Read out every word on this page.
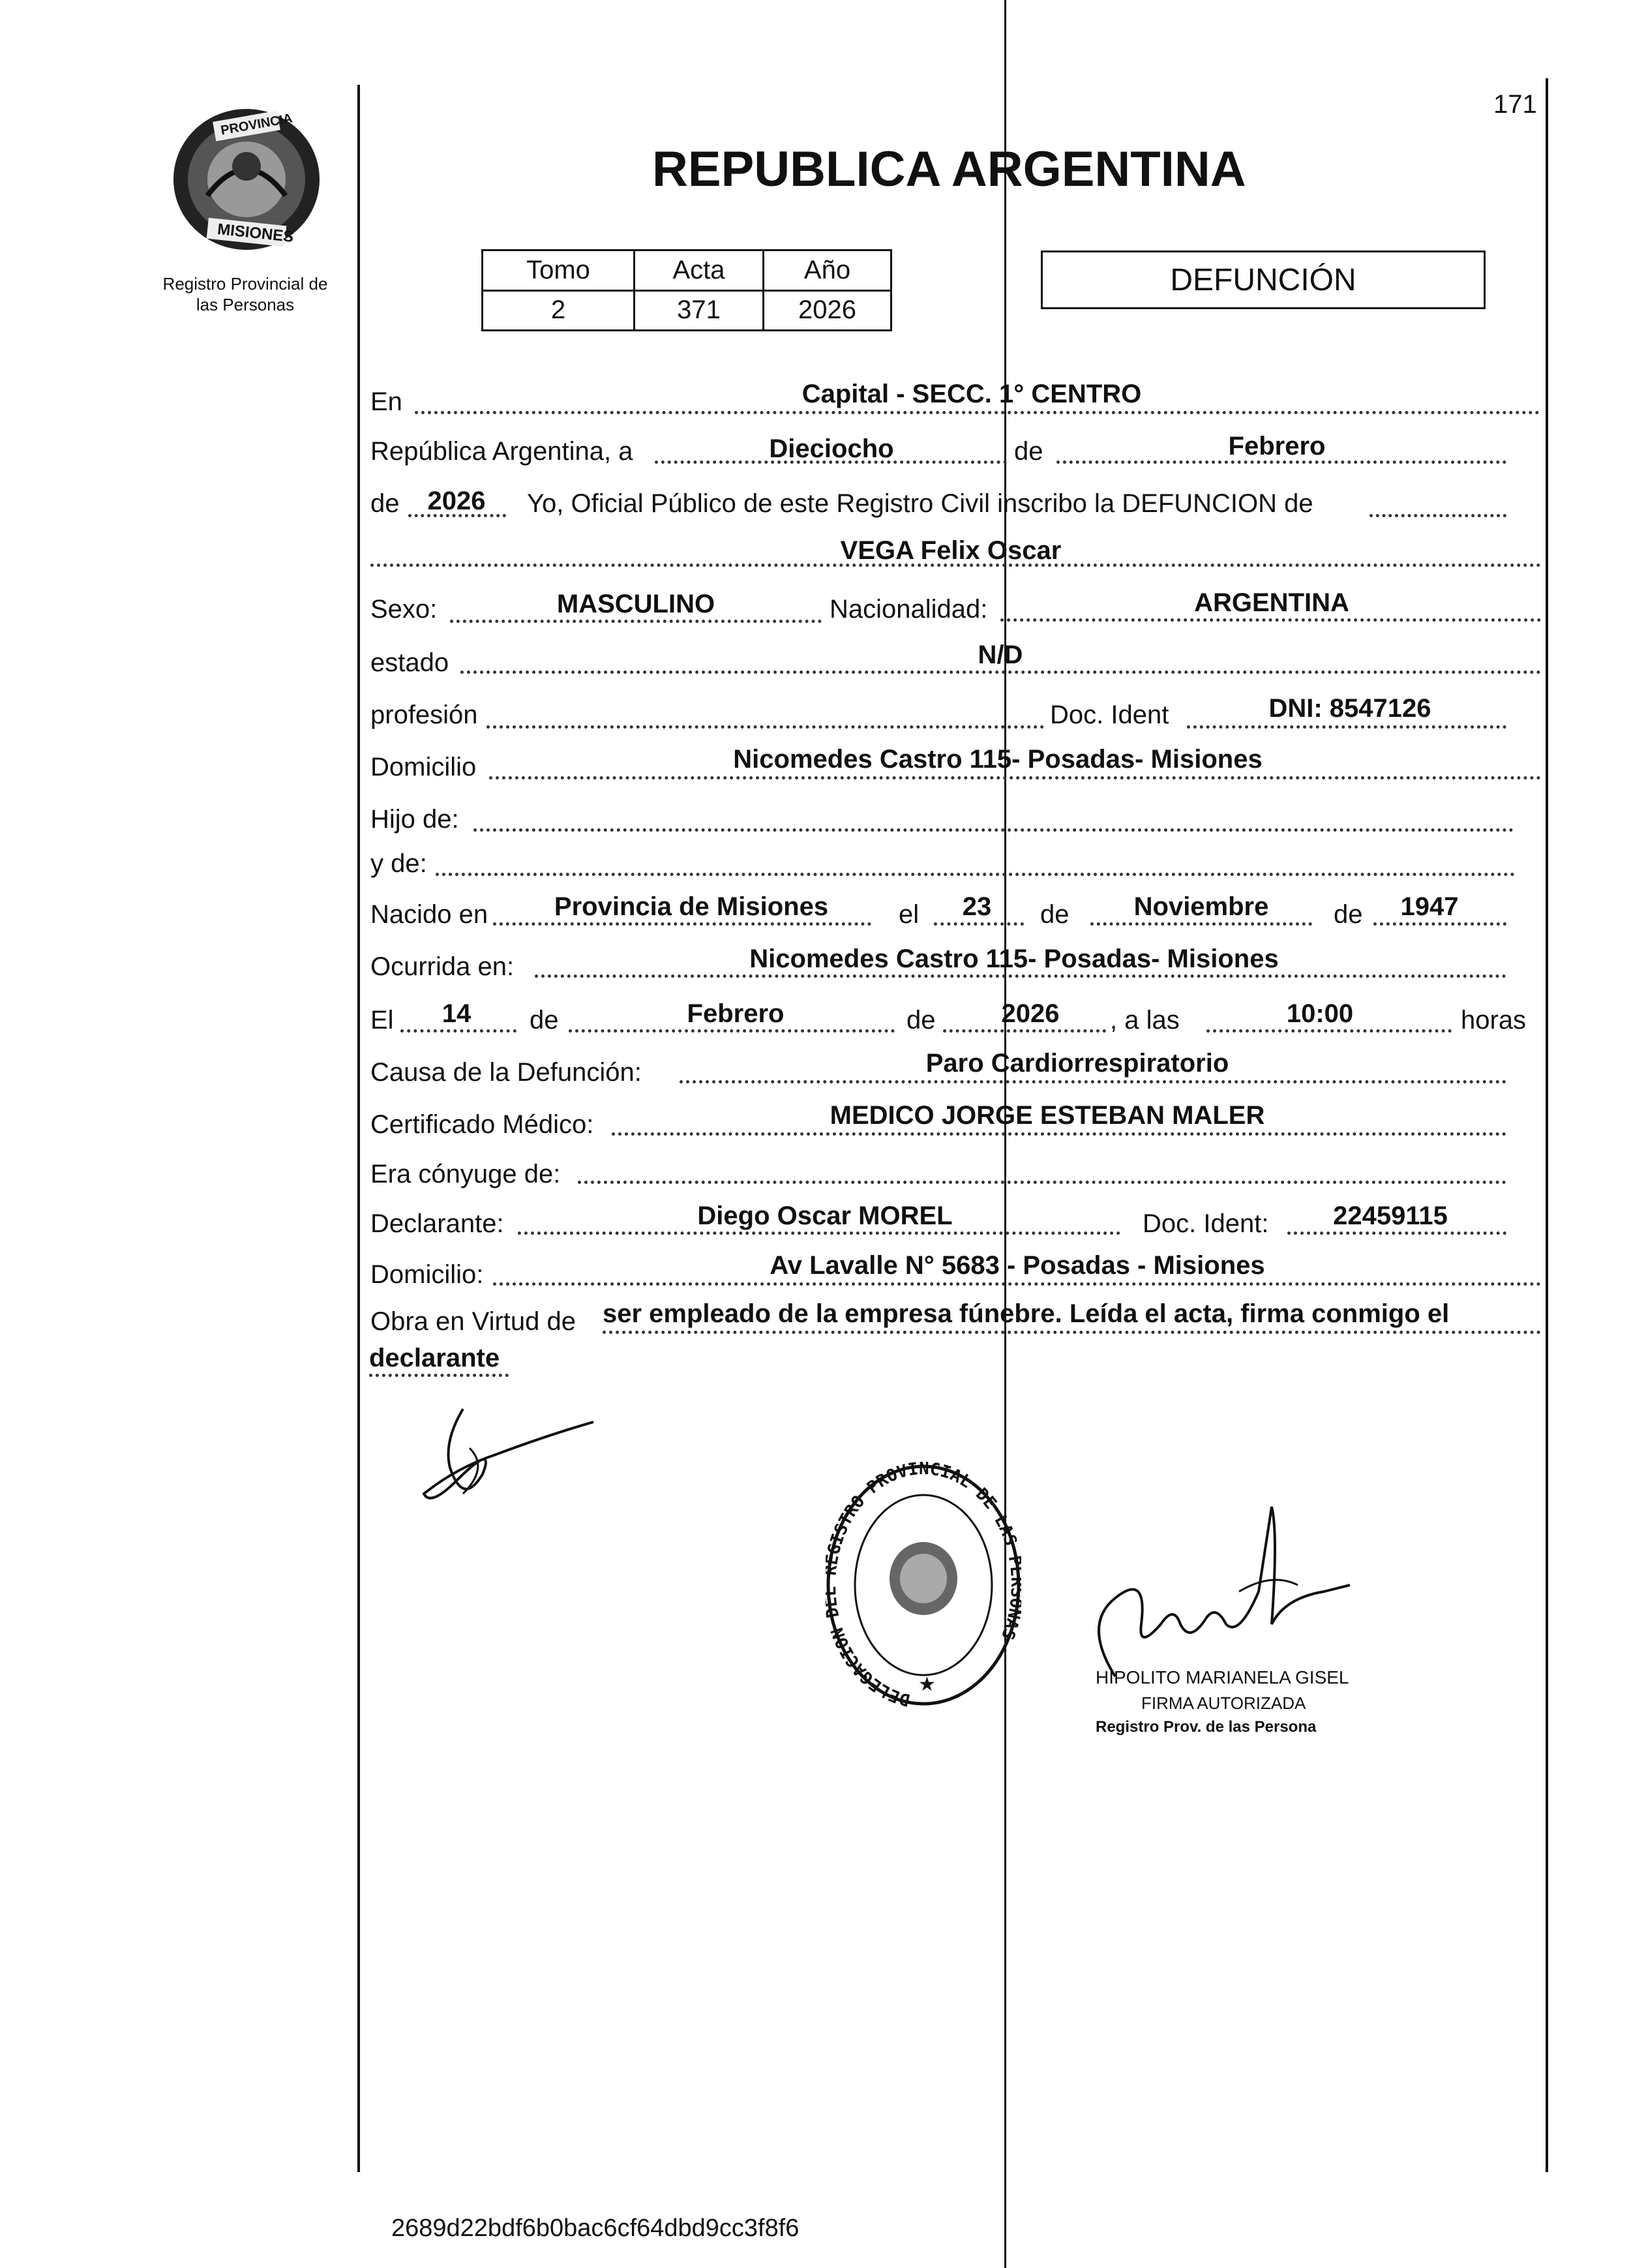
PROVINCIA
MISIONES
Registro Provincial de
las Personas
171
REPUBLICA ARGENTINA
Tomo	Acta	Año
2	371	2026
DEFUNCIÓN
En	Capital - SECC. 1° CENTRO
República Argentina, a	Dieciocho	de	Febrero
de 2026 Yo, Oficial Público de este Registro Civil inscribo la DEFUNCION de
VEGA Felix Oscar
Sexo:	MASCULINO	Nacionalidad:	ARGENTINA
estado	N/D
profesión	Doc. Ident	DNI: 8547126
Domicilio	Nicomedes Castro 115- Posadas- Misiones
Hijo de:
y de:
Nacido en	Provincia de Misiones	el 23 de Noviembre de 1947
Ocurrida en:	Nicomedes Castro 115- Posadas- Misiones
El 14 de	Febrero	de	2026 , a las	10:00	horas
Causa de la Defunción:	Paro Cardiorrespiratorio
Certificado Médico:	MEDICO JORGE ESTEBAN MALER
Era cónyuge de:
Declarante:	Diego Oscar MOREL	Doc. Ident: 22459115
Domicilio:	Av Lavalle N° 5683 - Posadas - Misiones
Obra en Virtud de ser empleado de la empresa fúnebre. Leída el acta, firma conmigo el
declarante
DELEGACION GISTRO PROVINCIAL DE LAS AS
★	HIPOLITO MARIANELA GISEL
FIRMA AUTORIZADA
Registro Prov. de las Persona
2689d22bdf6b0bac6cf64dbd9cc3f8f6
